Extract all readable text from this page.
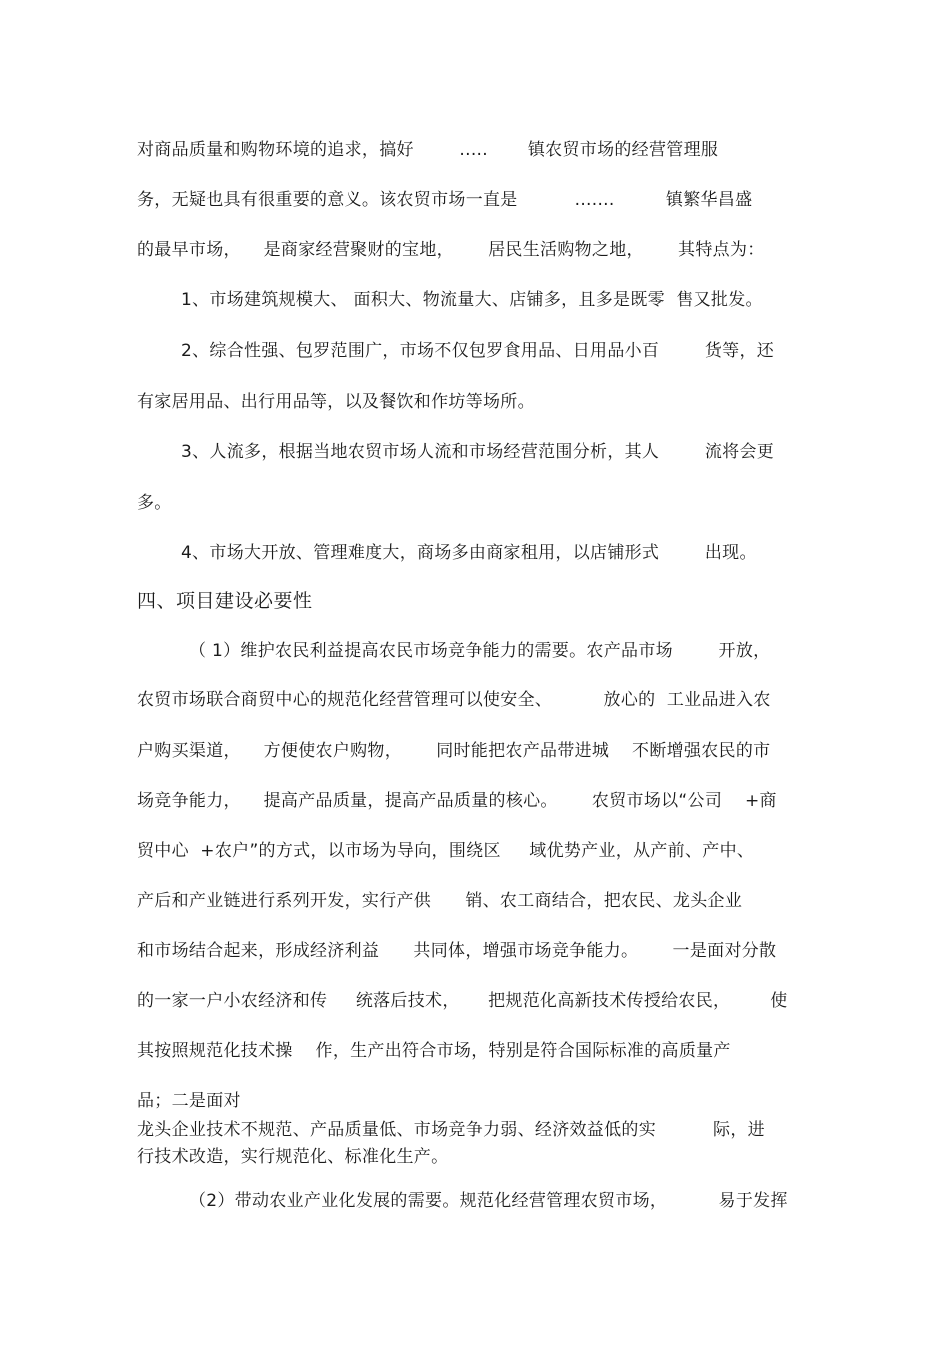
对商品质量和购物环境的追求，搞好        .....       镇农贸市场的经营管理服
务，无疑也具有很重要的意义。该农贸市场一直是          .......         镇繁华昌盛
的最早市场，    是商家经营聚财的宝地，      居民生活购物之地，      其特点为：
1、市场建筑规模大、 面积大、物流量大、店铺多，且多是既零  售又批发。
2、综合性强、包罗范围广，市场不仅包罗食用品、日用品小百        货等，还
有家居用品、出行用品等，以及餐饮和作坊等场所。
3、人流多，根据当地农贸市场人流和市场经营范围分析，其人        流将会更
多。
4、市场大开放、管理难度大，商场多由商家租用，以店铺形式        出现。
四、项目建设必要性
（ 1）维护农民利益提高农民市场竞争能力的需要。农产品市场        开放，
农贸市场联合商贸中心的规范化经营管理可以使安全、         放心的  工业品进入农
户购买渠道，    方便使农户购物，      同时能把农产品带进城    不断增强农民的市
场竞争能力，    提高产品质量，提高产品质量的核心。      农贸市场以“公司    +商
贸中心  +农户”的方式，以市场为导向，围绕区     域优势产业，从产前、产中、
产后和产业链进行系列开发，实行产供      销、农工商结合，把农民、龙头企业
和市场结合起来，形成经济利益      共同体，增强市场竞争能力。      一是面对分散
的一家一户小农经济和传     统落后技术，     把规范化高新技术传授给农民，       使
其按照规范化技术操    作，生产出符合市场，特别是符合国际标准的高质量产
品；二是面对
龙头企业技术不规范、产品质量低、市场竞争力弱、经济效益低的实          际，进
行技术改造，实行规范化、标准化生产。
（2）带动农业产业化发展的需要。规范化经营管理农贸市场，         易于发挥
